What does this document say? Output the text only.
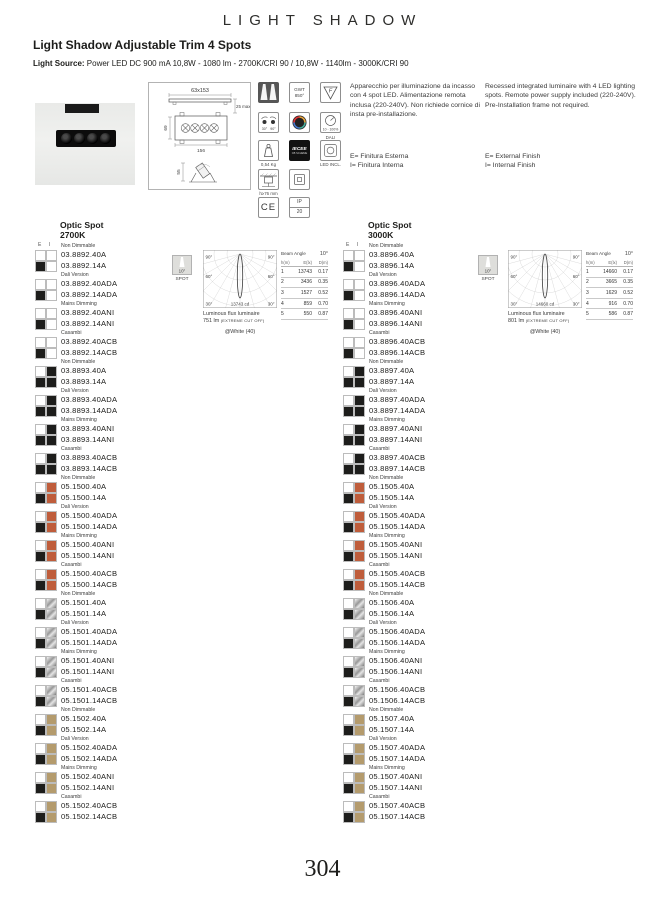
LIGHT SHADOW
Light Shadow Adjustable Trim 4 Spots
Light Source: Power LED DC 900 mA 10,8W - 1080 lm - 2700K/CRI 90 / 10,8W - 1140lm - 3000K/CRI 90
63x153
25 max
69
156
55
GWT
850°
F
30° 90°	10 - 100%
DALI
0,54 Kg
IECEE
CB SCHEME
LED INCL.
h≥76 mm
CE	IP
20
Apparecchio per illuminazione da incasso con 4 spot LED. Alimentazione remota inclusa (220-240V). Non richiede cornice di insta pre-installazione.
Recessed integrated luminaire with 4 LED lighting spots. Remote power supply included (220-240V). Pre-Installation frame not required.
E= Finitura Esterna
I= Finitura Interna
E= External Finish
I= Internal Finish
Optic Spot
2700K
E I Non Dimmable
03.8892.40A
03.8892.14A
Dali Version
03.8892.40ADA
03.8892.14ADA
Mains Dimming
03.8892.40ANI
03.8892.14ANI
Casambi
03.8892.40ACB
03.8892.14ACB
Non Dimmable
03.8893.40A
03.8893.14A
Dali Version
03.8893.40ADA
03.8893.14ADA
Mains Dimming
03.8893.40ANI
03.8893.14ANI
Casambi
03.8893.40ACB
03.8893.14ACB
Non Dimmable
05.1500.40A
05.1500.14A
Dali Version
05.1500.40ADA
05.1500.14ADA
Mains Dimming
05.1500.40ANI
05.1500.14ANI
Casambi
05.1500.40ACB
05.1500.14ACB
Non Dimmable
05.1501.40A
05.1501.14A
Dali Version
05.1501.40ADA
05.1501.14ADA
Mains Dimming
05.1501.40ANI
05.1501.14ANI
Casambi
05.1501.40ACB
05.1501.14ACB
Non Dimmable
05.1502.40A
05.1502.14A
Dali Version
05.1502.40ADA
05.1502.14ADA
Mains Dimming
05.1502.40ANI
05.1502.14ANI
Casambi
05.1502.40ACB
05.1502.14ACB
10°
SPOT
90°	90°
60°	60°
30°	30°
13743 cd
Luminous flux luminaire
751 lm (EXTREME CUT OFF)
@White (40)
Beam Angle	10°
h(m)	E(lx)	D(m)
1	13743	0.17
2	3436	0.35
3	1527	0.52
4	859	0.70
5	550	0.87
Optic Spot
3000K
E I Non Dimmable
03.8896.40A
03.8896.14A
Dali Version
03.8896.40ADA
03.8896.14ADA
Mains Dimming
03.8896.40ANI
03.8896.14ANI
Casambi
03.8896.40ACB
03.8896.14ACB
Non Dimmable
03.8897.40A
03.8897.14A
Dali Version
03.8897.40ADA
03.8897.14ADA
Mains Dimming
03.8897.40ANI
03.8897.14ANI
Casambi
03.8897.40ACB
03.8897.14ACB
Non Dimmable
05.1505.40A
05.1505.14A
Dali Version
05.1505.40ADA
05.1505.14ADA
Mains Dimming
05.1505.40ANI
05.1505.14ANI
Casambi
05.1505.40ACB
05.1505.14ACB
Non Dimmable
05.1506.40A
05.1506.14A
Dali Version
05.1506.40ADA
05.1506.14ADA
Mains Dimming
05.1506.40ANI
05.1506.14ANI
Casambi
05.1506.40ACB
05.1506.14ACB
Non Dimmable
05.1507.40A
05.1507.14A
Dali Version
05.1507.40ADA
05.1507.14ADA
Mains Dimming
05.1507.40ANI
05.1507.14ANI
Casambi
05.1507.40ACB
05.1507.14ACB
10°
SPOT
90°	90°
60°	60°
30°	30°
14660 cd
Luminous flux luminaire
801 lm (EXTREME CUT OFF)
@White (40)
Beam Angle	10°
h(m)	E(lx)	D(m)
1	14660	0.17
2	3665	0.35
3	1629	0.52
4	916	0.70
5	586	0.87
304
